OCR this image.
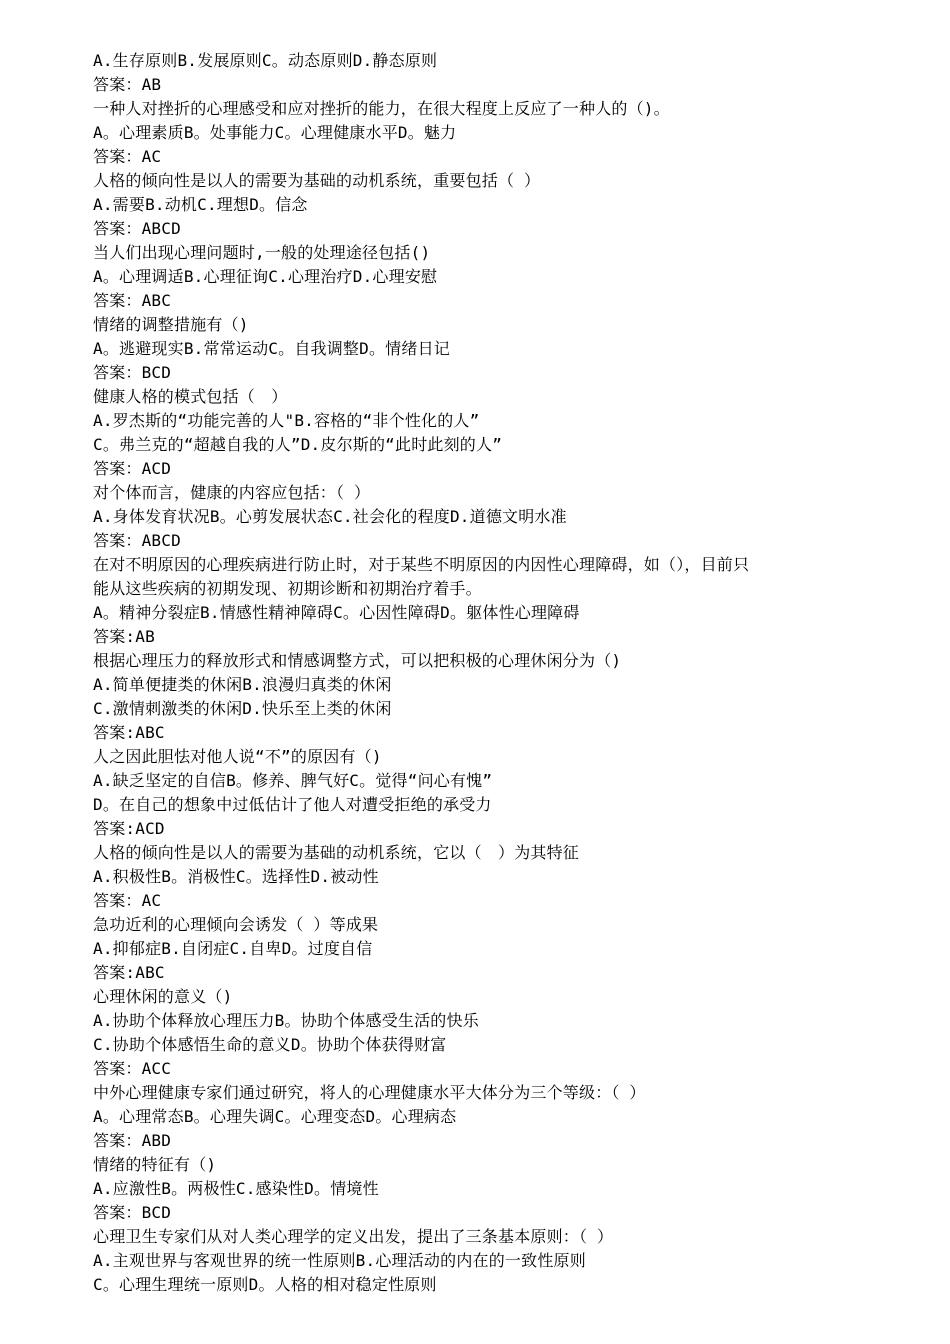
A.生存原则B.发展原则C。动态原则D.静态原则
答案：AB
一种人对挫折的心理感受和应对挫折的能力，在很大程度上反应了一种人的（)。
A。心理素质B。处事能力C。心理健康水平D。魅力
答案：AC
人格的倾向性是以人的需要为基础的动机系统，重要包括（ ）
A.需要B.动机C.理想D。信念
答案：ABCD
当人们出现心理问题时,一般的处理途径包括()
A。心理调适B.心理征询C.心理治疗D.心理安慰
答案：ABC
情绪的调整措施有（)
A。逃避现实B.常常运动C。自我调整D。情绪日记
答案：BCD
健康人格的模式包括（　）
A.罗杰斯的“功能完善的人"B.容格的“非个性化的人”
C。弗兰克的“超越自我的人”D.皮尔斯的“此时此刻的人”
答案：ACD
对个体而言，健康的内容应包括：（ ）
A.身体发育状况B。心剪发展状态C.社会化的程度D.道德文明水准
答案：ABCD
在对不明原因的心理疾病进行防止时，对于某些不明原因的内因性心理障碍，如（），目前只
能从这些疾病的初期发现、初期诊断和初期治疗着手。
A。精神分裂症B.情感性精神障碍C。心因性障碍D。躯体性心理障碍
答案:AB
根据心理压力的释放形式和情感调整方式，可以把积极的心理休闲分为（)
A.简单便捷类的休闲B.浪漫归真类的休闲
C.激情刺激类的休闲D.快乐至上类的休闲
答案:ABC
人之因此胆怯对他人说“不”的原因有（)
A.缺乏坚定的自信B。修养、脾气好C。觉得“问心有愧”
D。在自己的想象中过低估计了他人对遭受拒绝的承受力
答案:ACD
人格的倾向性是以人的需要为基础的动机系统，它以（　）为其特征
A.积极性B。消极性C。选择性D.被动性
答案：AC
急功近利的心理倾向会诱发（ ）等成果
A.抑郁症B.自闭症C.自卑D。过度自信
答案:ABC
心理休闲的意义（)
A.协助个体释放心理压力B。协助个体感受生活的快乐
C.协助个体感悟生命的意义D。协助个体获得财富
答案：ACC
中外心理健康专家们通过研究，将人的心理健康水平大体分为三个等级：（ ）
A。心理常态B。心理失调C。心理变态D。心理病态
答案：ABD
情绪的特征有（)
A.应激性B。两极性C.感染性D。情境性
答案：BCD
心理卫生专家们从对人类心理学的定义出发，提出了三条基本原则：（ ）
A.主观世界与客观世界的统一性原则B.心理活动的内在的一致性原则
C。心理生理统一原则D。人格的相对稳定性原则
